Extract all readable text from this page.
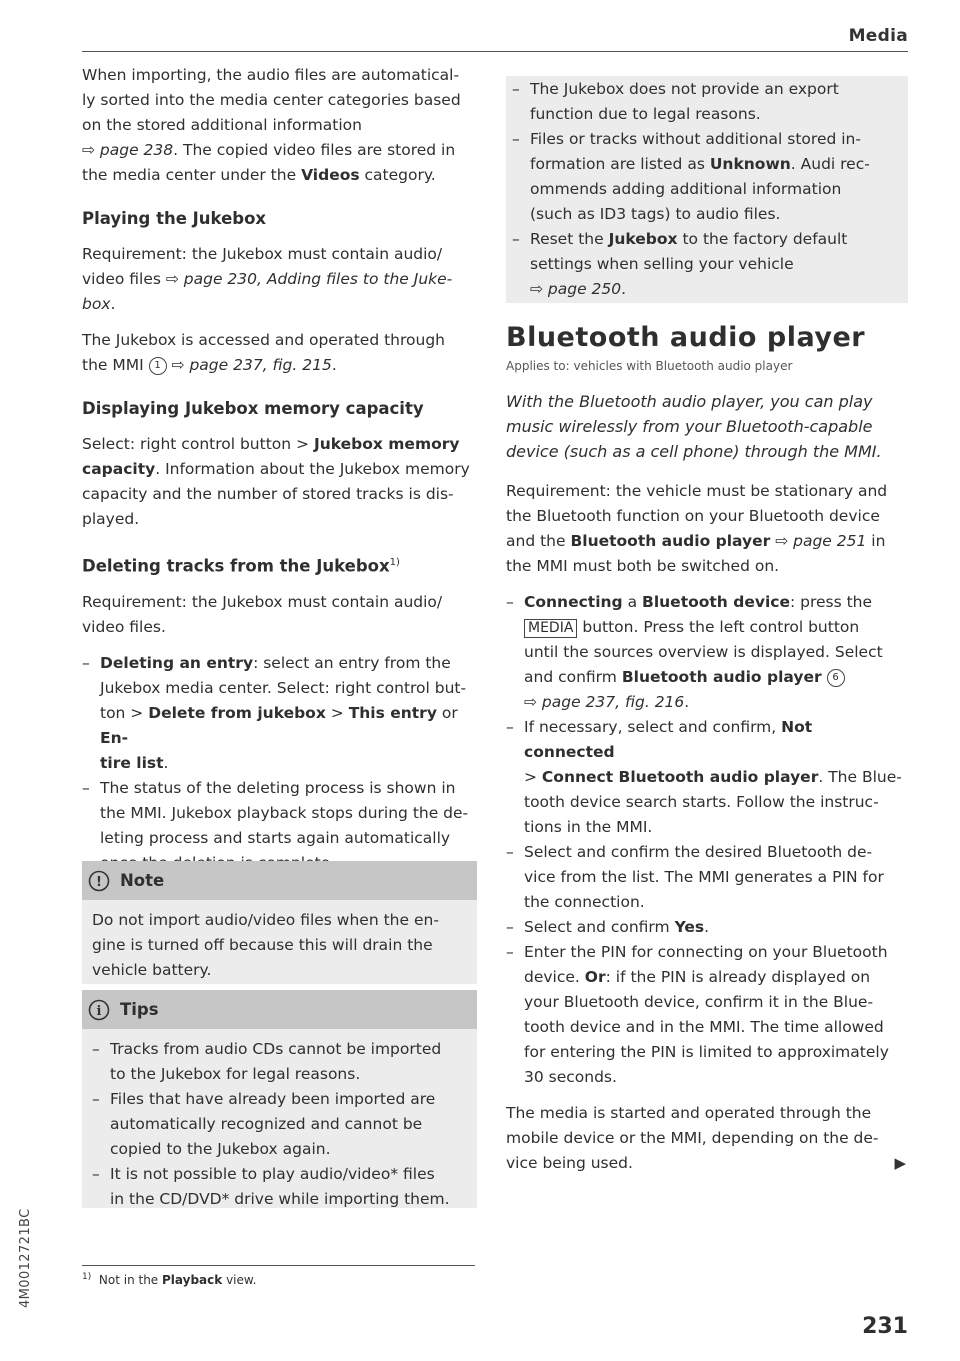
Media
4M0012721BC

When importing, the audio files are automatical-
ly sorted into the media center categories based
on the stored additional information
⇨ page 238. The copied video files are stored in
the media center under the Videos category.

Playing the Jukebox

Requirement: the Jukebox must contain audio/
video files ⇨ page 230, Adding files to the Juke-
box.

The Jukebox is accessed and operated through
the MMI 1 ⇨ page 237, fig. 215.

Displaying Jukebox memory capacity

Select: right control button > Jukebox memory
capacity. Information about the Jukebox memory
capacity and the number of stored tracks is dis-
played.

Deleting tracks from the Jukebox$^{1)}$

Requirement: the Jukebox must contain audio/
video files.

– Deleting an entry: select an entry from the
Jukebox media center. Select: right control but-
ton > Delete from jukebox > This entry or En-
tire list.
– The status of the deleting process is shown in
the MMI. Jukebox playback stops during the de-
leting process and starts again automatically

! Note
Do not import audio/video files when the en-
gine is turned off because this will drain the
vehicle battery.
i Tips
– Tracks from audio CDs cannot be imported
to the Jukebox for legal reasons.
– Files that have already been imported are
automatically recognized and cannot be
copied to the Jukebox again.
– It is not possible to play audio/video* files
in the CD/DVD* drive while importing them.
$^{1)}$ Not in the Playback view.
– The Jukebox does not provide an export
function due to legal reasons.
– Files or tracks without additional stored in-
formation are listed as Unknown. Audi rec-
ommends adding additional information
(such as ID3 tags) to audio files.
– Reset the Jukebox to the factory default
settings when selling your vehicle
⇨ page 250.

Bluetooth audio player

Applies to: vehicles with Bluetooth audio player

With the Bluetooth audio player, you can play
music wirelessly from your Bluetooth-capable
device (such as a cell phone) through the MMI.

Requirement: the vehicle must be stationary and
the Bluetooth function on your Bluetooth device
and the Bluetooth audio player ⇨ page 251 in
the MMI must both be switched on.

– Connecting a Bluetooth device: press the
MEDIA button. Press the left control button
until the sources overview is displayed. Select
and confirm Bluetooth audio player 6
⇨ page 237, fig. 216.
– If necessary, select and confirm, Not connected
> Connect Bluetooth audio player. The Blue-
tooth device search starts. Follow the instruc-
tions in the MMI.
– Select and confirm the desired Bluetooth de-
vice from the list. The MMI generates a PIN for
the connection.
– Select and confirm Yes.
– Enter the PIN for connecting on your Bluetooth
device. Or: if the PIN is already displayed on
your Bluetooth device, confirm it in the Blue-
tooth device and in the MMI. The time allowed
for entering the PIN is limited to approximately
30 seconds.

The media is started and operated through the
mobile device or the MMI, depending on the de-
vice being used.	▶

231
